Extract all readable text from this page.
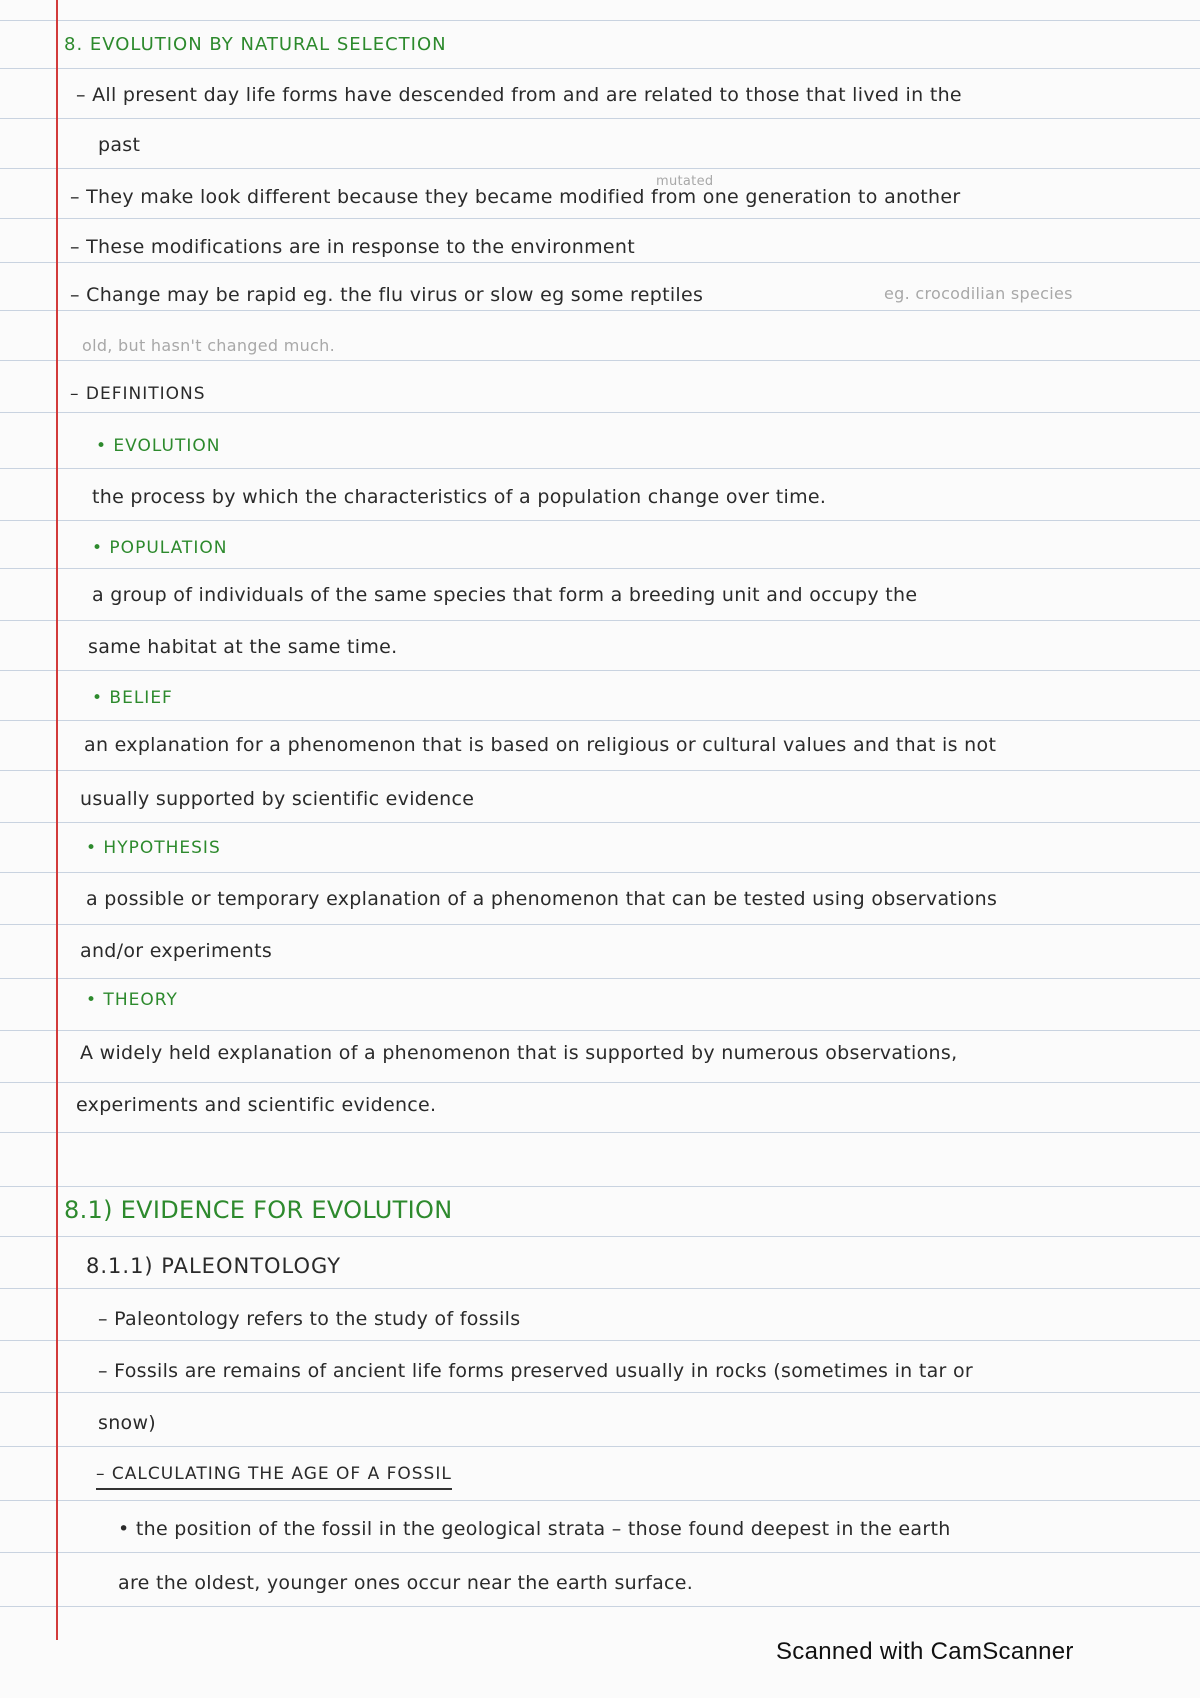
8. EVOLUTION BY NATURAL SELECTION
– All present day life forms have descended from and are related to those that lived in the
past
mutated
– They make look different because they became modified from one generation to another
– These modifications are in response to the environment
– Change may be rapid eg. the flu virus or slow eg some reptiles	eg. crocodilian species
old, but hasn't changed much.
– DEFINITIONS
• EVOLUTION
the process by which the characteristics of a population change over time.
• POPULATION
a group of individuals of the same species that form a breeding unit and occupy the
same habitat at the same time.
• BELIEF
an explanation for a phenomenon that is based on religious or cultural values and that is not
usually supported by scientific evidence
• HYPOTHESIS
a possible or temporary explanation of a phenomenon that can be tested using observations
and/or experiments
• THEORY
A widely held explanation of a phenomenon that is supported by numerous observations,
experiments and scientific evidence.
8.1) EVIDENCE FOR EVOLUTION
8.1.1) PALEONTOLOGY
– Paleontology refers to the study of fossils
– Fossils are remains of ancient life forms preserved usually in rocks (sometimes in tar or
snow)
– CALCULATING THE AGE OF A FOSSIL
• the position of the fossil in the geological strata – those found deepest in the earth
are the oldest, younger ones occur near the earth surface.
Scanned with CamScanner
